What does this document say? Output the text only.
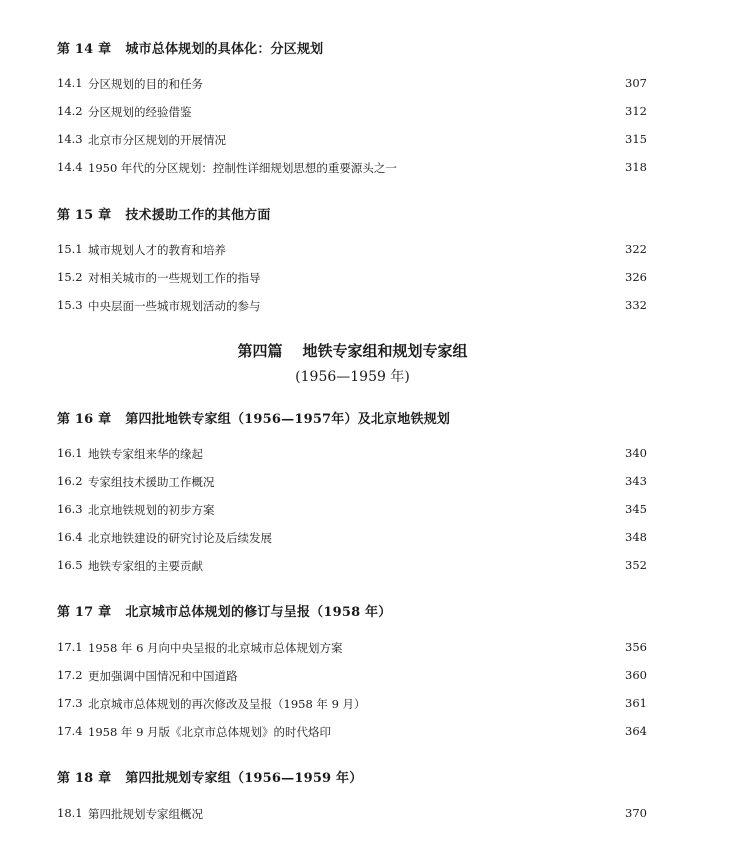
第 14 章 城市总体规划的具体化：分区规划
14.1 分区规划的目的和任务	307
14.2 分区规划的经验借鉴	312
14.3 北京市分区规划的开展情况	315
14.4 1950 年代的分区规划：控制性详细规划思想的重要源头之一	318
第 15 章 技术援助工作的其他方面
15.1 城市规划人才的教育和培养	322
15.2 对相关城市的一些规划工作的指导	326
15.3 中央层面一些城市规划活动的参与	332
第四篇 地铁专家组和规划专家组
(1956—1959 年)
第 16 章 第四批地铁专家组（1956—1957年）及北京地铁规划
16.1 地铁专家组来华的缘起	340
16.2 专家组技术援助工作概况	343
16.3 北京地铁规划的初步方案	345
16.4 北京地铁建设的研究讨论及后续发展	348
16.5 地铁专家组的主要贡献	352
第 17 章 北京城市总体规划的修订与呈报（1958 年）
17.1 1958 年 6 月向中央呈报的北京城市总体规划方案	356
17.2 更加强调中国情况和中国道路	360
17.3 北京城市总体规划的再次修改及呈报（1958 年 9 月）	361
17.4 1958 年 9 月版《北京市总体规划》的时代烙印	364
第 18 章 第四批规划专家组（1956—1959 年）
18.1 第四批规划专家组概况	370
